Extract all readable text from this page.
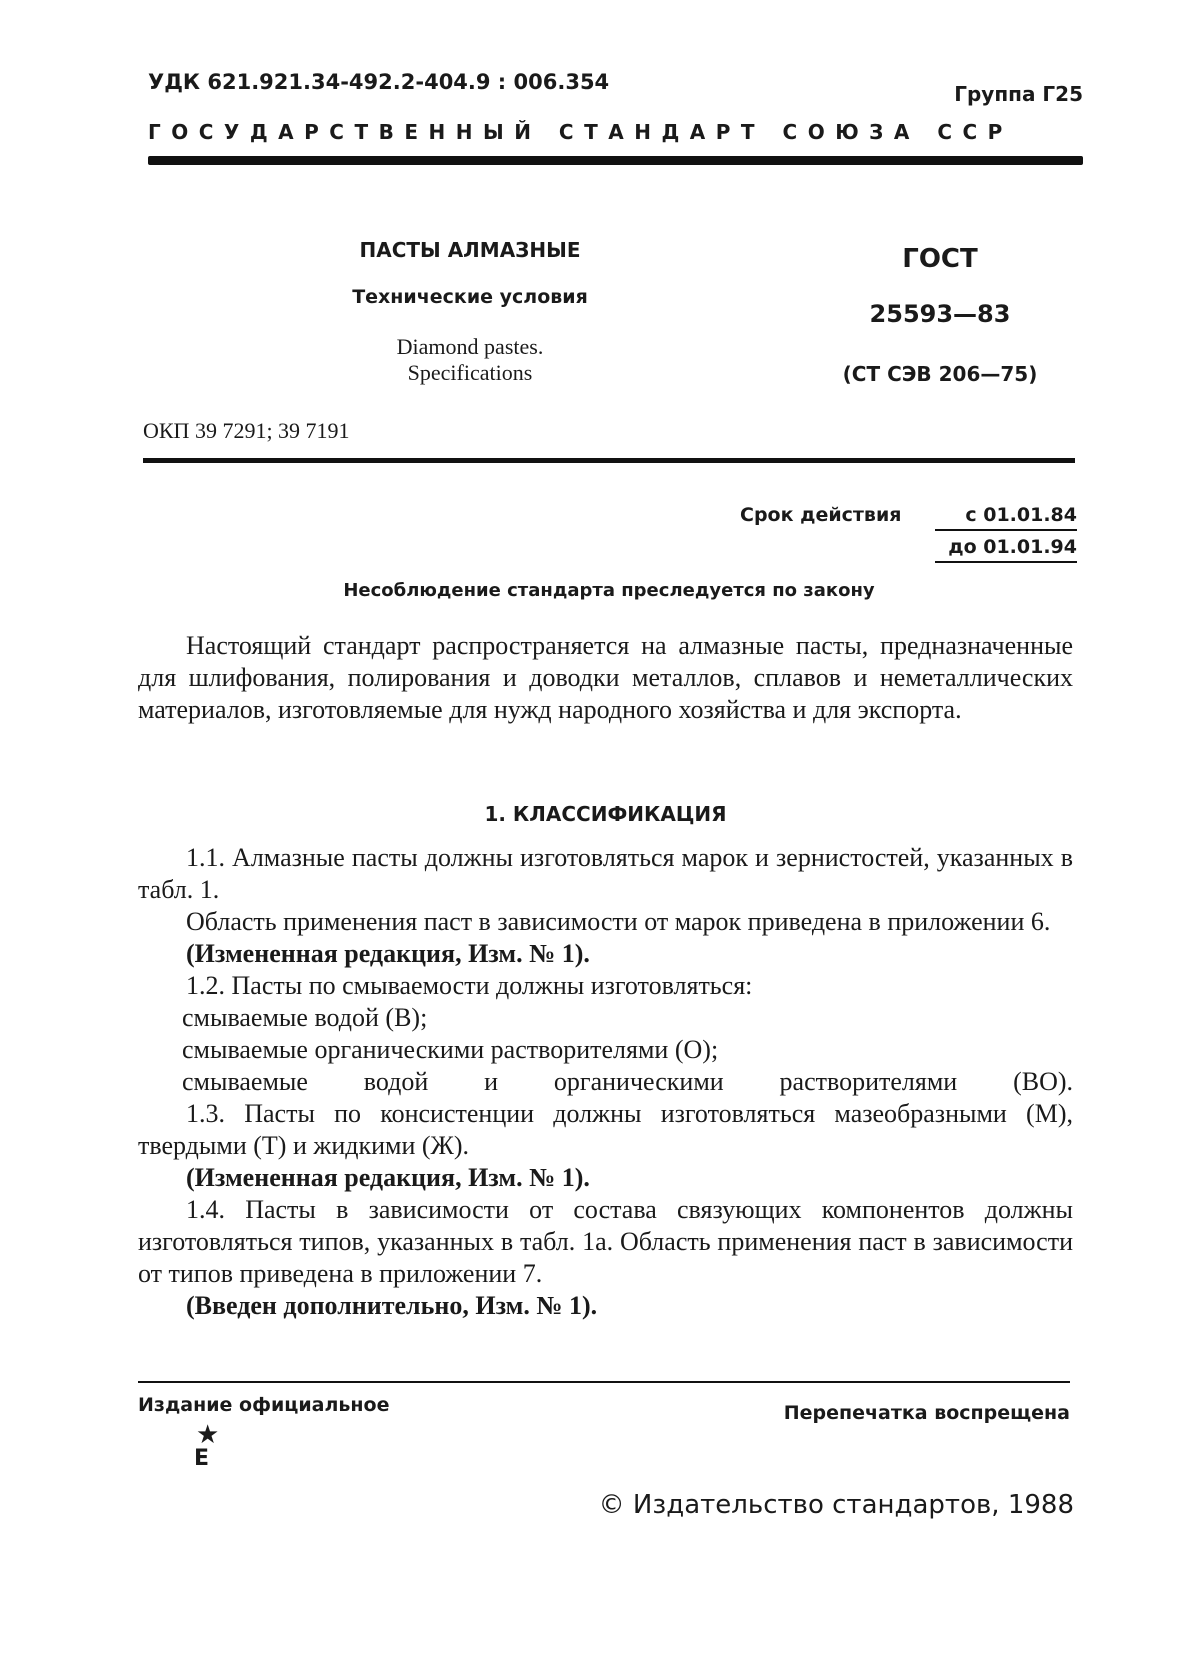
УДК 621.921.34-492.2-404.9 : 006.354	Группа Г25
ГОСУДАРСТВЕННЫЙ СТАНДАРТ СОЮЗА ССР
ПАСТЫ АЛМАЗНЫЕ
Технические условия
Diamond pastes.
Specifications
ГОСТ
25593—83
(СТ СЭВ 206—75)
ОКП 39 7291; 39 7191
Срок действия	с 01.01.84
до 01.01.94
Несоблюдение стандарта преследуется по закону
Настоящий стандарт распространяется на алмазные пасты, предназначенные для шлифования, полирования и доводки металлов, сплавов и неметаллических материалов, изготовляемые для нужд народного хозяйства и для экспорта.
1. КЛАССИФИКАЦИЯ

1.1. Алмазные пасты должны изготовляться марок и зернистостей, указанных в табл. 1.

Область применения паст в зависимости от марок приведена в приложении 6.

(Измененная редакция, Изм. № 1).

1.2. Пасты по смываемости должны изготовляться:

смываемые водой (В);

смываемые органическими растворителями (О);

смываемые водой и органическими растворителями (ВО).

1.3. Пасты по консистенции должны изготовляться мазеобразными (М), твердыми (Т) и жидкими (Ж).

(Измененная редакция, Изм. № 1).

1.4. Пасты в зависимости от состава связующих компонентов должны изготовляться типов, указанных в табл. 1а. Область применения паст в зависимости от типов приведена в приложении 7.

(Введен дополнительно, Изм. № 1).

Издание официальное	Перепечатка воспрещена
★
Е
© Издательство стандартов, 1988
